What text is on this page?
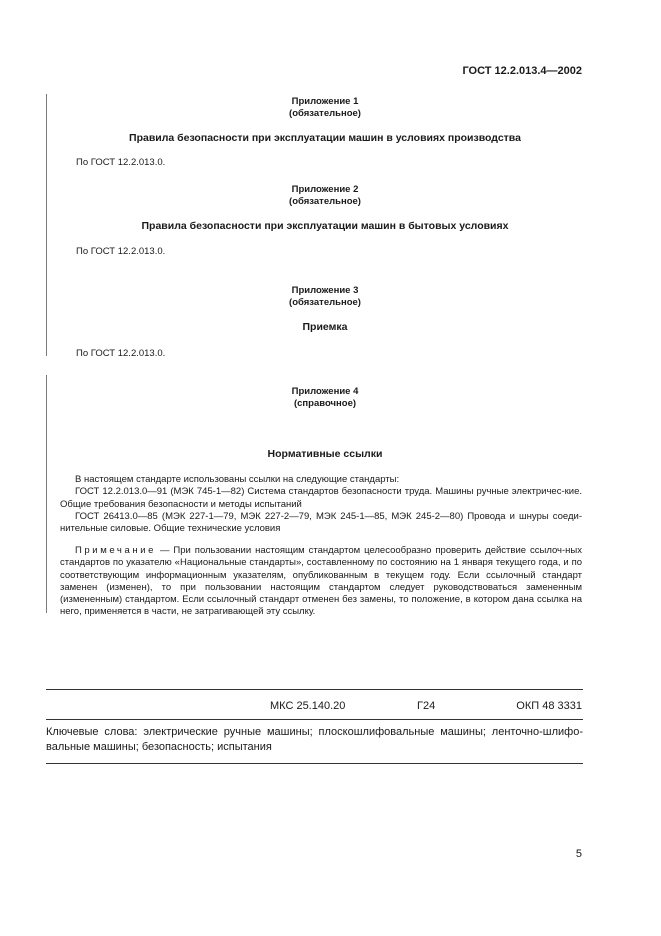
ГОСТ 12.2.013.4—2002
Приложение 1
(обязательное)
Правила безопасности при эксплуатации машин в условиях производства
По ГОСТ 12.2.013.0.
Приложение 2
(обязательное)
Правила безопасности при эксплуатации машин в бытовых условиях
По ГОСТ 12.2.013.0.
Приложение 3
(обязательное)
Приемка
По ГОСТ 12.2.013.0.
Приложение 4
(справочное)
Нормативные ссылки
В настоящем стандарте использованы ссылки на следующие стандарты:
ГОСТ 12.2.013.0—91 (МЭК 745-1—82) Система стандартов безопасности труда. Машины ручные электричес-кие. Общие требования безопасности и методы испытаний
ГОСТ 26413.0—85 (МЭК 227-1—79, МЭК 227-2—79, МЭК 245-1—85, МЭК 245-2—80) Провода и шнуры соеди-нительные силовые. Общие технические условия
Примечание — При пользовании настоящим стандартом целесообразно проверить действие ссылоч-ных стандартов по указателю «Национальные стандарты», составленному по состоянию на 1 января текущего года, и по соответствующим информационным указателям, опубликованным в текущем году. Если ссылочный стандарт заменен (изменен), то при пользовании настоящим стандартом следует руководствоваться замененным (измененным) стандартом. Если ссылочный стандарт отменен без замены, то положение, в котором дана ссылка на него, применяется в части, не затрагивающей эту ссылку.
МКС 25.140.20	Г24	ОКП 48 3331
Ключевые слова: электрические ручные машины; плоскошлифовальные машины; ленточно-шлифо-вальные машины; безопасность; испытания
5
